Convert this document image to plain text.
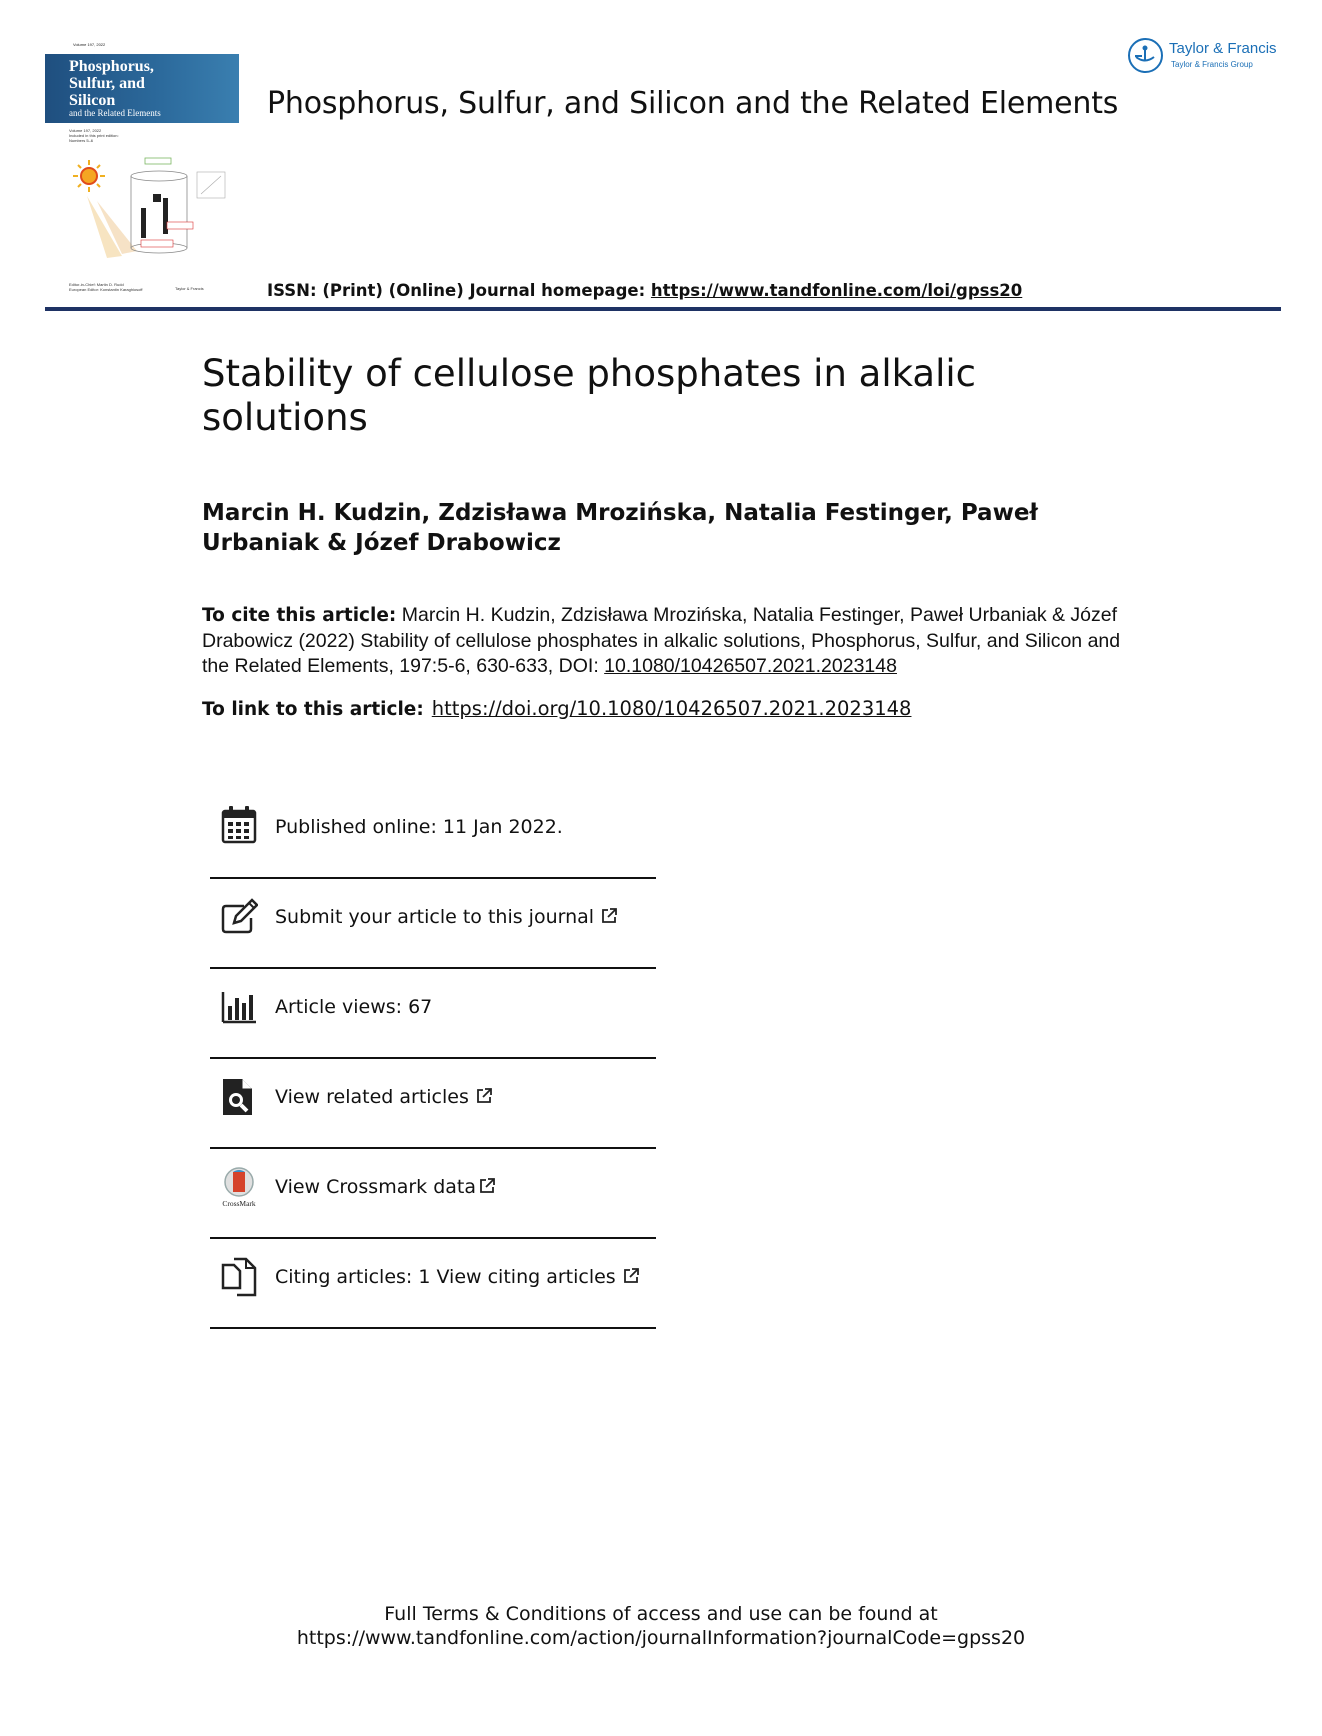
Volume 197, 2022
Phosphorus,
Sulfur, and
Silicon
and the Related Elements
Volume 197, 2022
Included in this print edition:
Numbers 5–6
Editor-in-Chief: Martin D. Rudd
European Editor: Konstantin Karaghiosoff	Taylor & Francis
Phosphorus, Sulfur, and Silicon and the Related Elements
ISSN: (Print) (Online) Journal homepage: https://www.tandfonline.com/loi/gpss20
Taylor & Francis
Taylor & Francis Group
Stability of cellulose phosphates in alkalic solutions
Marcin H. Kudzin, Zdzisława Mrozińska, Natalia Festinger, Paweł Urbaniak & Józef Drabowicz
To cite this article: Marcin H. Kudzin, Zdzisława Mrozińska, Natalia Festinger, Paweł Urbaniak & Józef Drabowicz (2022) Stability of cellulose phosphates in alkalic solutions, Phosphorus, Sulfur, and Silicon and the Related Elements, 197:5-6, 630-633, DOI: 10.1080/10426507.2021.2023148
To link to this article: https://doi.org/10.1080/10426507.2021.2023148
Published online: 11 Jan 2022.
Submit your article to this journal
Article views: 67
View related articles
CrossMark
View Crossmark data
Citing articles: 1 View citing articles
Full Terms & Conditions of access and use can be found at
https://www.tandfonline.com/action/journalInformation?journalCode=gpss20
